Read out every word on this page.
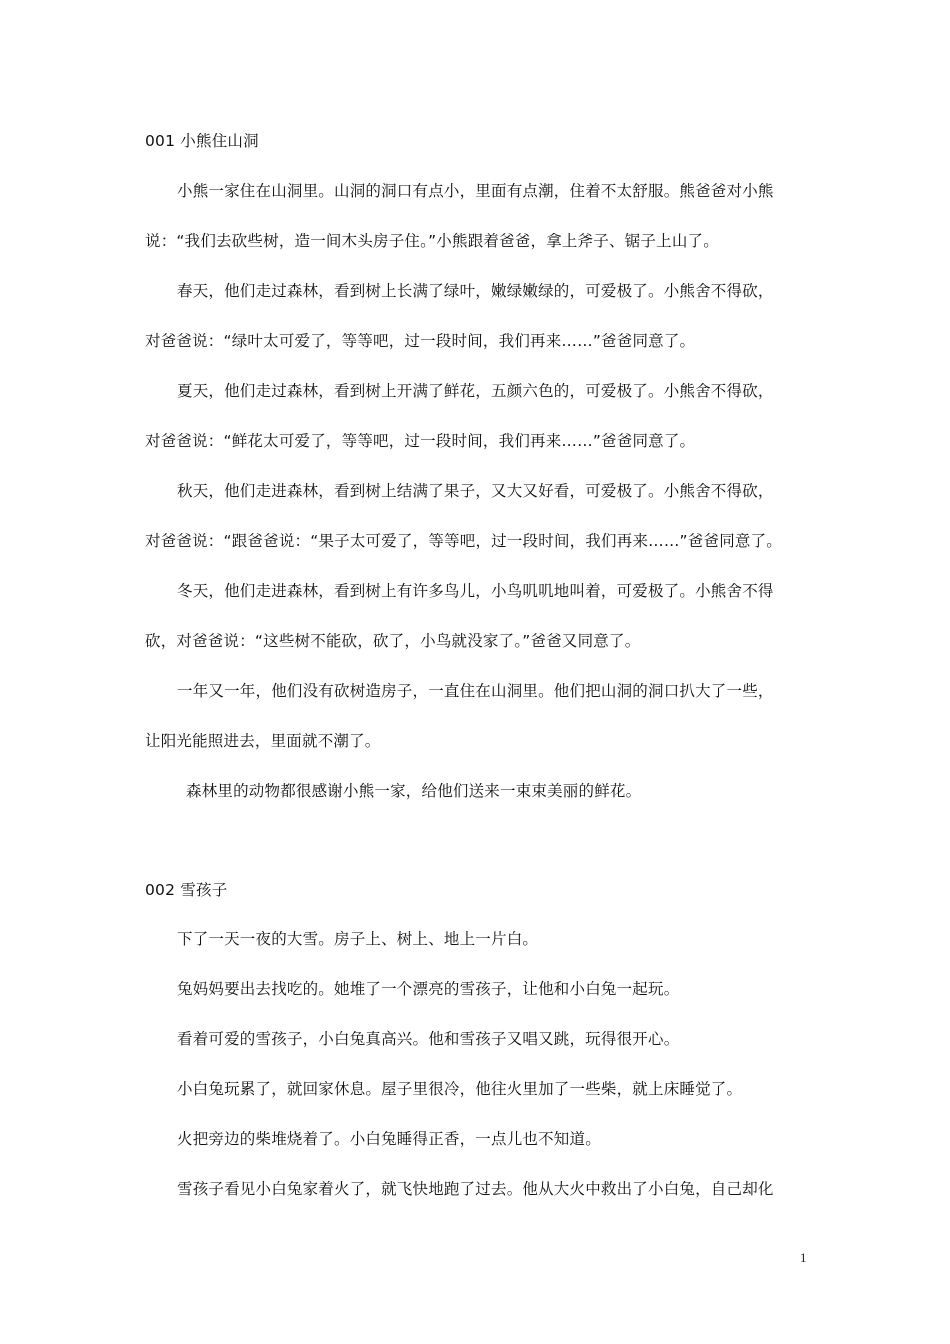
001 小熊住山洞
小熊一家住在山洞里。山洞的洞口有点小，里面有点潮，住着不太舒服。熊爸爸对小熊
说：“我们去砍些树，造一间木头房子住。”小熊跟着爸爸，拿上斧子、锯子上山了。
春天，他们走过森林，看到树上长满了绿叶，嫩绿嫩绿的，可爱极了。小熊舍不得砍，
对爸爸说：“绿叶太可爱了，等等吧，过一段时间，我们再来……”爸爸同意了。
夏天，他们走过森林，看到树上开满了鲜花，五颜六色的，可爱极了。小熊舍不得砍，
对爸爸说：“鲜花太可爱了，等等吧，过一段时间，我们再来……”爸爸同意了。
秋天，他们走进森林，看到树上结满了果子，又大又好看，可爱极了。小熊舍不得砍，
对爸爸说：“跟爸爸说：“果子太可爱了，等等吧，过一段时间，我们再来……”爸爸同意了。
冬天，他们走进森林，看到树上有许多鸟儿，小鸟叽叽地叫着，可爱极了。小熊舍不得
砍，对爸爸说：“这些树不能砍，砍了，小鸟就没家了。”爸爸又同意了。
一年又一年，他们没有砍树造房子，一直住在山洞里。他们把山洞的洞口扒大了一些，
让阳光能照进去，里面就不潮了。
森林里的动物都很感谢小熊一家，给他们送来一束束美丽的鲜花。
002 雪孩子
下了一天一夜的大雪。房子上、树上、地上一片白。
兔妈妈要出去找吃的。她堆了一个漂亮的雪孩子，让他和小白兔一起玩。
看着可爱的雪孩子，小白兔真高兴。他和雪孩子又唱又跳，玩得很开心。
小白兔玩累了，就回家休息。屋子里很冷，他往火里加了一些柴，就上床睡觉了。
火把旁边的柴堆烧着了。小白兔睡得正香，一点儿也不知道。
雪孩子看见小白兔家着火了，就飞快地跑了过去。他从大火中救出了小白兔，自己却化
1
